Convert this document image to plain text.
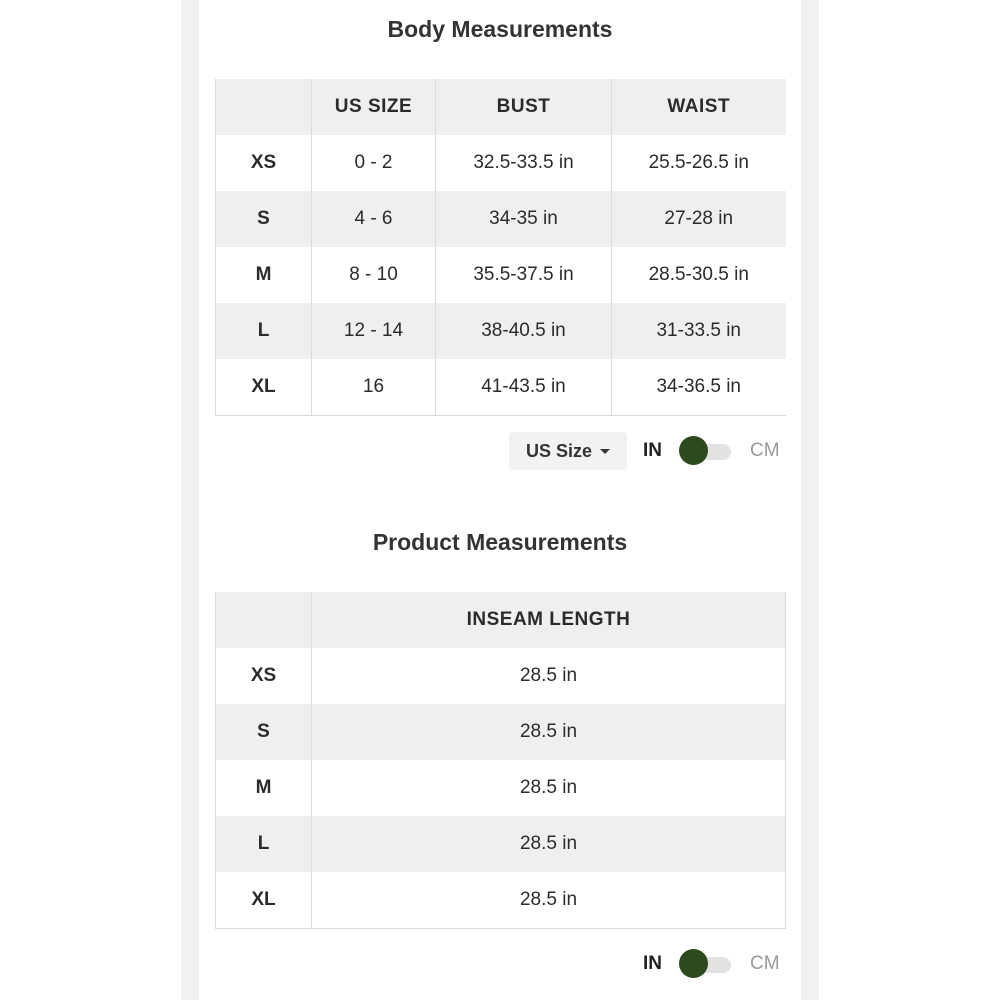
Body Measurements
	US SIZE	BUST	WAIST
XS	0 - 2	32.5-33.5 in	25.5-26.5 in
S	4 - 6	34-35 in	27-28 in
M	8 - 10	35.5-37.5 in	28.5-30.5 in
L	12 - 14	38-40.5 in	31-33.5 in
XL	16	41-43.5 in	34-36.5 in
US Size	IN	CM
Product Measurements
	INSEAM LENGTH
XS	28.5 in
S	28.5 in
M	28.5 in
L	28.5 in
XL	28.5 in
IN	CM
